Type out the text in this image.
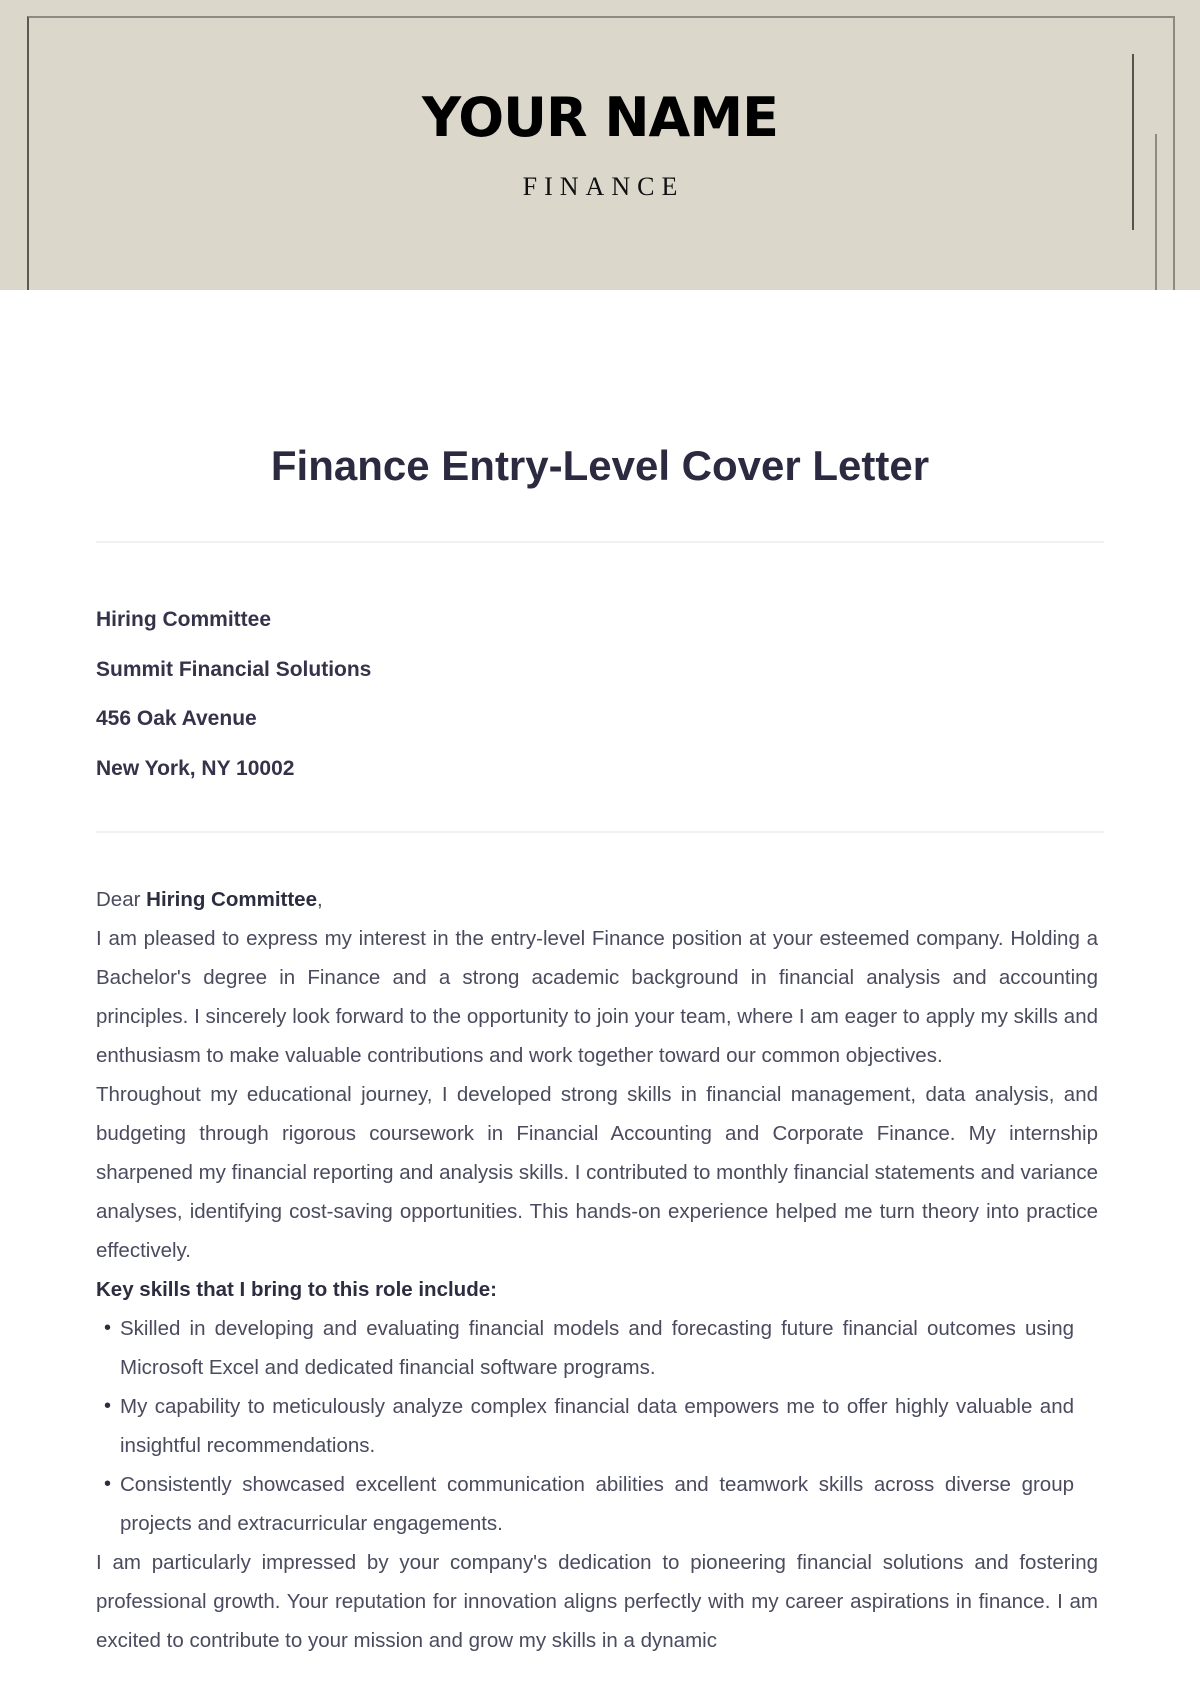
YOUR NAME
FINANCE
Finance Entry-Level Cover Letter
Hiring Committee
Summit Financial Solutions
456 Oak Avenue
New York, NY 10002

Dear Hiring Committee,

I am pleased to express my interest in the entry-level Finance position at your esteemed company. Holding a Bachelor's degree in Finance and a strong academic background in financial analysis and accounting principles. I sincerely look forward to the opportunity to join your team, where I am eager to apply my skills and enthusiasm to make valuable contributions and work together toward our common objectives.

Throughout my educational journey, I developed strong skills in financial management, data analysis, and budgeting through rigorous coursework in Financial Accounting and Corporate Finance. My internship sharpened my financial reporting and analysis skills. I contributed to monthly financial statements and variance analyses, identifying cost-saving opportunities. This hands-on experience helped me turn theory into practice effectively.

Key skills that I bring to this role include:

• Skilled in developing and evaluating financial models and forecasting future financial outcomes using Microsoft Excel and dedicated financial software programs.
• My capability to meticulously analyze complex financial data empowers me to offer highly valuable and insightful recommendations.
• Consistently showcased excellent communication abilities and teamwork skills across diverse group projects and extracurricular engagements.

I am particularly impressed by your company's dedication to pioneering financial solutions and fostering professional growth. Your reputation for innovation aligns perfectly with my career aspirations in finance. I am excited to contribute to your mission and grow my skills in a dynamic
